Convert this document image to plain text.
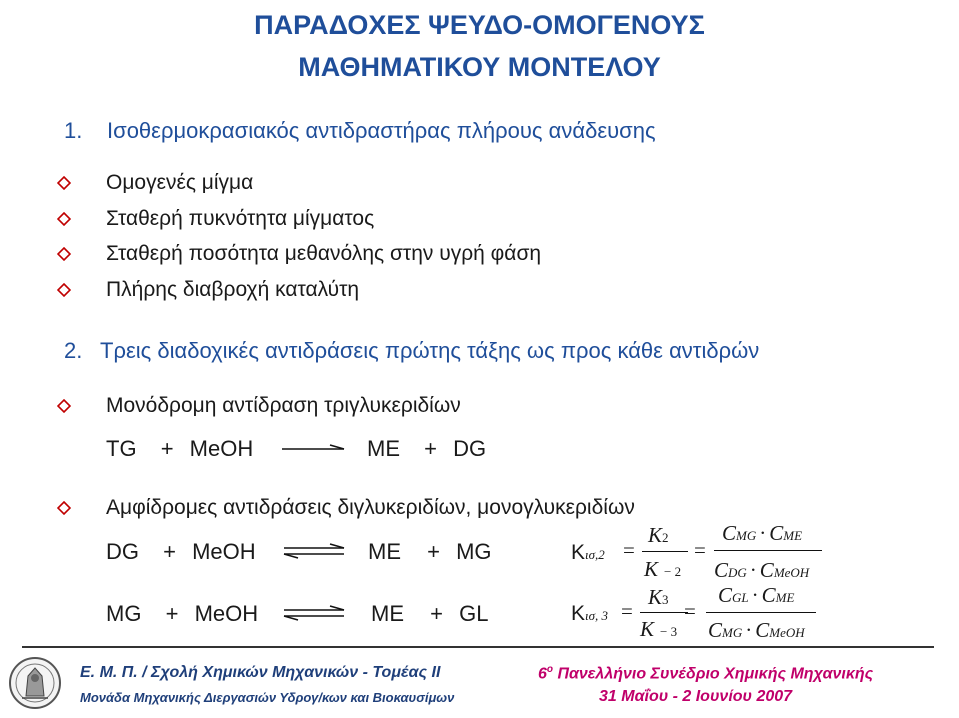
ΠΑΡΑΔΟΧΕΣ ΨΕΥΔΟ-ΟΜΟΓΕΝΟΥΣ
ΜΑΘΗΜΑΤΙΚΟΥ ΜΟΝΤΕΛΟΥ
1. Ισοθερμοκρασιακός αντιδραστήρας πλήρους ανάδευσης
Ομογενές μίγμα
Σταθερή πυκνότητα μίγματος
Σταθερή ποσότητα μεθανόλης στην υγρή φάση
Πλήρης διαβροχή καταλύτη
2. Τρεις διαδοχικές αντιδράσεις πρώτης τάξης ως προς κάθε αντιδρών
Μονόδρομη αντίδραση τριγλυκεριδίων
TG + MeOH	ME + DG
Αμφίδρομες αντιδράσεις διγλυκεριδίων, μονογλυκεριδίων
DG + MeOH ⇌ ME + MG
MG + MeOH ⇌ ME + GL
Kισ,2 =
K2
K − 2
=
CMG · CME
CDG · CMeOH
Kισ, 3 =
K3
K − 3
=
CGL · CME
CMG · CMeOH
Ε. Μ. Π. / Σχολή Χημικών Μηχανικών - Τομέας ΙΙ
Μονάδα Μηχανικής Διεργασιών Υδρογ/κων και Βιοκαυσίμων
$6^o$ Πανελλήνιο Συνέδριο Χημικής Μηχανικής
31 Μαΐου - 2 Ιουνίου 2007
